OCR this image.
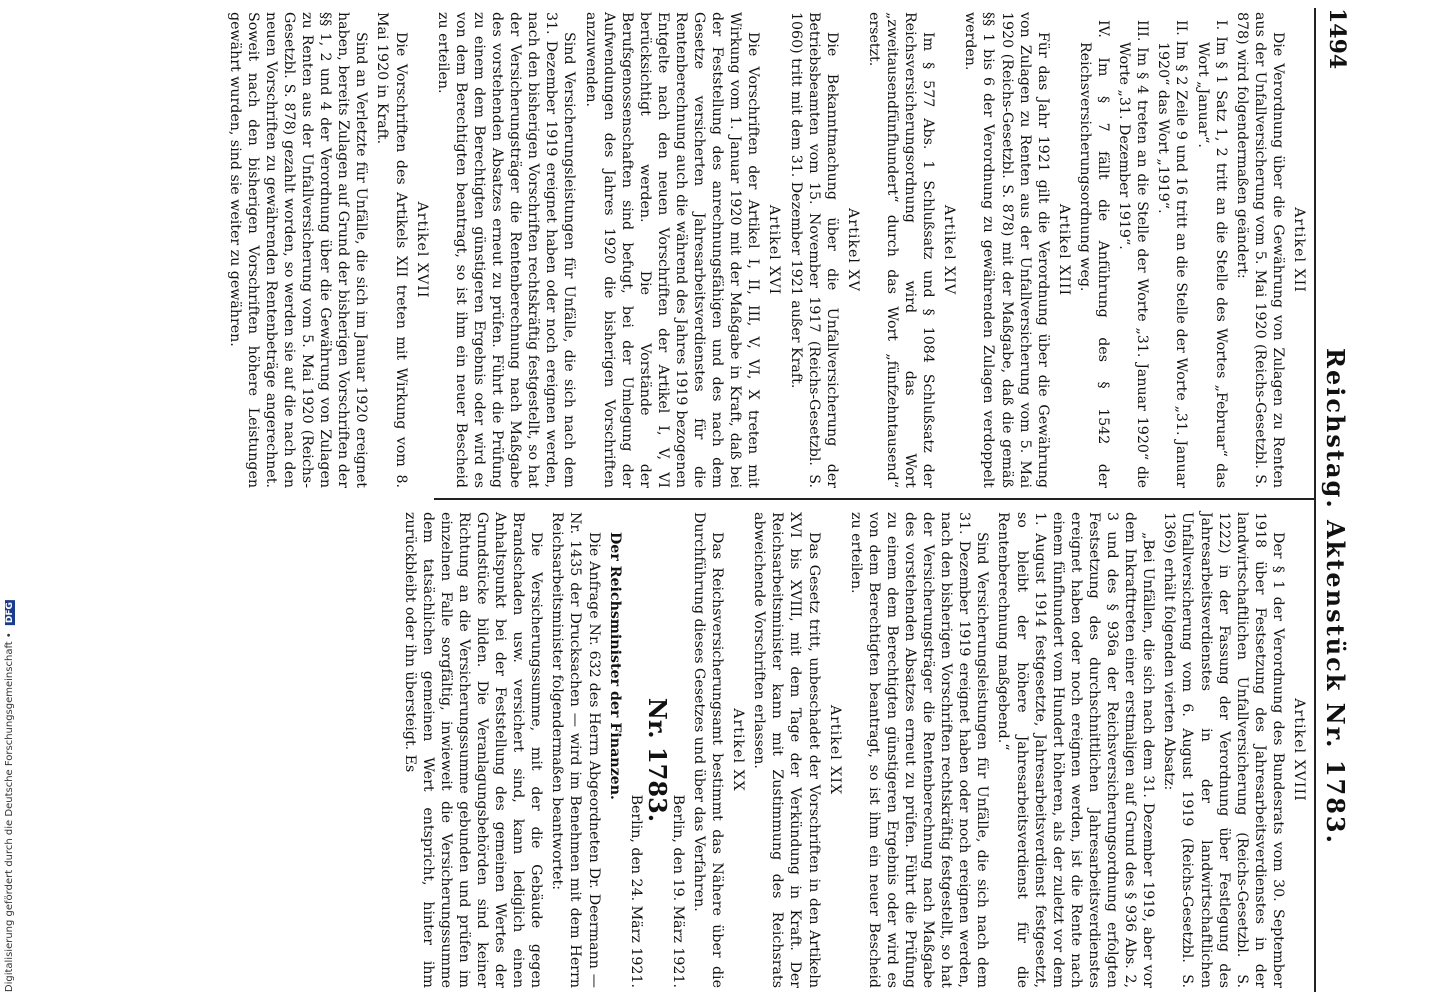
1494
Reichstag. Aktenstück Nr. 1783.

Artikel XII

Die Verordnung über die Gewährung von Zulagen zu Renten aus der Unfallversicherung vom 5. Mai 1920 (Reichs-Gesetzbl. S. 878) wird folgendermaßen geändert:

I. Im § 1 Satz 1, 2 tritt an die Stelle des Wortes „Februar“ das Wort „Januar“.

II. Im § 2 Zeile 9 und 16 tritt an die Stelle der Worte „31. Januar 1920“ das Wort „1919“.

III. Im § 4 treten an die Stelle der Worte „31. Januar 1920“ die Worte „31. Dezember 1919“.

IV. Im § 7 fällt die Anführung des § 1542 der Reichsversicherungsordnung weg.

Artikel XIII

Für das Jahr 1921 gilt die Verordnung über die Gewährung von Zulagen zu Renten aus der Unfallversicherung vom 5. Mai 1920 (Reichs-Gesetzbl. S. 878) mit der Maßgabe, daß die gemäß §§ 1 bis 6 der Verordnung zu gewährenden Zulagen verdoppelt werden.

Artikel XIV

Im § 577 Abs. 1 Schlußsatz und § 1084 Schlußsatz der Reichsversicherungsordnung wird das Wort „zweitausendfünfhundert“ durch das Wort „fünfzehntausend“ ersetzt.

Artikel XV

Die Bekanntmachung über die Unfallversicherung der Betriebsbeamten vom 15. November 1917 (Reichs-Gesetzbl. S. 1060) tritt mit dem 31. Dezember 1921 außer Kraft.

Artikel XVI

Die Vorschriften der Artikel I, II, III, V, VI, X treten mit Wirkung vom 1. Januar 1920 mit der Maßgabe in Kraft, daß bei der Feststellung des anrechnungsfähigen und des nach dem Gesetze versicherten Jahresarbeitsverdienstes für die Rentenberechnung auch die während des Jahres 1919 bezogenen Entgelte nach den neuen Vorschriften der Artikel I, V, VI berücksichtigt werden. Die Vorstände der Berufsgenossenschaften sind befugt, bei der Umlegung der Aufwendungen des Jahres 1920 die bisherigen Vorschriften anzuwenden.

Sind Versicherungsleistungen für Unfälle, die sich nach dem 31. Dezember 1919 ereignet haben oder noch ereignen werden, nach den bisherigen Vorschriften rechtskräftig festgestellt, so hat der Versicherungsträger die Rentenberechnung nach Maßgabe des vorstehenden Absatzes erneut zu prüfen. Führt die Prüfung zu einem dem Berechtigten günstigeren Ergebnis oder wird es von dem Berechtigten beantragt, so ist ihm ein neuer Bescheid zu erteilen.

Artikel XVII

Die Vorschriften des Artikels XII treten mit Wirkung vom 8. Mai 1920 in Kraft.

Sind an Verletzte für Unfälle, die sich im Januar 1920 ereignet haben, bereits Zulagen auf Grund der bisherigen Vorschriften der §§ 1, 2 und 4 der Verordnung über die Gewährung von Zulagen zu Renten aus der Unfallversicherung vom 5. Mai 1920 (Reichs-Gesetzbl. S. 878) gezahlt worden, so werden sie auf die nach den neuen Vorschriften zu gewährenden Rentenbeträge angerechnet. Soweit nach den bisherigen Vorschriften höhere Leistungen gewährt wurden, sind sie weiter zu gewähren.

Artikel XVIII

Der § 1 der Verordnung des Bundesrats vom 30. September 1918 über Festsetzung des Jahresarbeitsverdienstes in der landwirtschaftlichen Unfallversicherung (Reichs-Gesetzbl. S. 1222) in der Fassung der Verordnung über Festlegung des Jahresarbeitsverdienstes in der landwirtschaftlichen Unfallversicherung vom 6. August 1919 (Reichs-Gesetzbl. S. 1369) erhält folgenden vierten Absatz:

„Bei Unfällen, die sich nach dem 31. Dezember 1919, aber vor dem Inkrafttreten einer erstmaligen auf Grund des § 936 Abs. 2, 3 und des § 936a der Reichsversicherungsordnung erfolgten Festsetzung des durchschnittlichen Jahresarbeitsverdienstes ereignet haben oder noch ereignen werden, ist die Rente nach einem fünfhundert vom Hundert höheren, als der zuletzt vor dem 1. August 1914 festgesetzte, Jahresarbeitsverdienst festgesetzt, so bleibt der höhere Jahresarbeitsverdienst für die Rentenberechnung maßgebend.“

Sind Versicherungsleistungen für Unfälle, die sich nach dem 31. Dezember 1919 ereignet haben oder noch ereignen werden, nach den bisherigen Vorschriften rechtskräftig festgestellt, so hat der Versicherungsträger die Rentenberechnung nach Maßgabe des vorstehenden Absatzes erneut zu prüfen. Führt die Prüfung zu einem dem Berechtigten günstigeren Ergebnis oder wird es von dem Berechtigten beantragt, so ist ihm ein neuer Bescheid zu erteilen.

Artikel XIX

Das Gesetz tritt, unbeschadet der Vorschriften in den Artikeln XVI bis XVIII, mit dem Tage der Verkündung in Kraft. Der Reichsarbeitsminister kann mit Zustimmung des Reichsrats abweichende Vorschriften erlassen.

Artikel XX

Das Reichsversicherungsamt bestimmt das Nähere über die Durchführung dieses Gesetzes und über das Verfahren.

Berlin, den 19. März 1921.

Nr. 1783.

Berlin, den 24. März 1921.

Der Reichsminister der Finanzen.

Die Anfrage Nr. 632 des Herrn Abgeordneten Dr. Deermann — Nr. 1435 der Drucksachen — wird im Benehmen mit dem Herrn Reichsarbeitsminister folgendermaßen beantwortet:

Die Versicherungssumme, mit der die Gebäude gegen Brandschaden usw. versichert sind, kann lediglich einen Anhaltspunkt bei der Feststellung des gemeinen Wertes der Grundstücke bilden. Die Veranlagungsbehörden sind keiner Richtung an die Versicherungssumme gebunden und prüfen im einzelnen Falle sorgfältig, inwieweit die Versicherungssumme dem tatsächlichen gemeinen Wert entspricht, hinter ihm zurückbleibt oder ihn übersteigt. Es

Digitalisierung gefördert durch die Deutsche Forschungsgemeinschaft • DFG
